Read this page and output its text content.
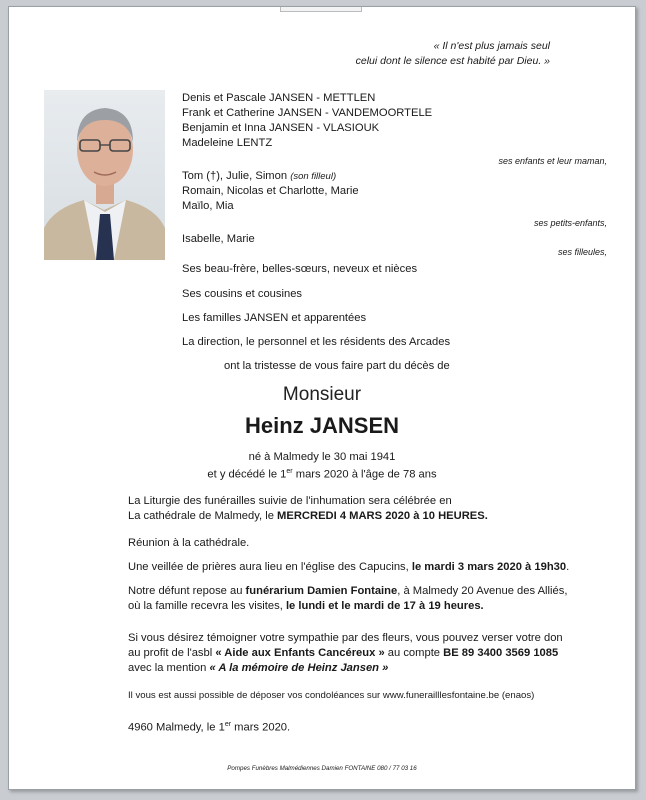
« Il n'est plus jamais seul
celui dont le silence est habité par Dieu. »
Denis et Pascale JANSEN - METTLEN
Frank et Catherine JANSEN - VANDEMOORTELE
Benjamin et Inna JANSEN - VLASIOUK
Madeleine LENTZ
ses enfants et leur maman,
Tom (†), Julie, Simon (son filleul)
Romain, Nicolas et Charlotte, Marie
Maïlo, Mia
ses petits-enfants,
Isabelle, Marie
ses filleules,
Ses beau-frère, belles-sœurs, neveux et nièces
Ses cousins et cousines
Les familles JANSEN et apparentées
La direction, le personnel et les résidents des Arcades
ont la tristesse de vous faire part du décès de
Monsieur
Heinz JANSEN
né à Malmedy le 30 mai 1941
et y décédé le 1er mars 2020 à l'âge de 78 ans
La Liturgie des funérailles suivie de l'inhumation sera célébrée en
La cathédrale de Malmedy, le MERCREDI 4 MARS 2020 à 10 HEURES.
Réunion à la cathédrale.
Une veillée de prières aura lieu en l'église des Capucins, le mardi 3 mars 2020 à 19h30.
Notre défunt repose au funérarium Damien Fontaine, à Malmedy 20 Avenue des Alliés,
où la famille recevra les visites, le lundi et le mardi de 17 à 19 heures.
Si vous désirez témoigner votre sympathie par des fleurs, vous pouvez verser votre don
au profit de l'asbl « Aide aux Enfants Cancéreux » au compte BE 89 3400 3569 1085
avec la mention « A la mémoire de Heinz Jansen »
Il vous est aussi possible de déposer vos condoléances sur www.funerailllesfontaine.be (enaos)
4960 Malmedy, le 1er mars 2020.
Pompes Funèbres Malmédiennes Damien FONTAINE 080 / 77 03 16
